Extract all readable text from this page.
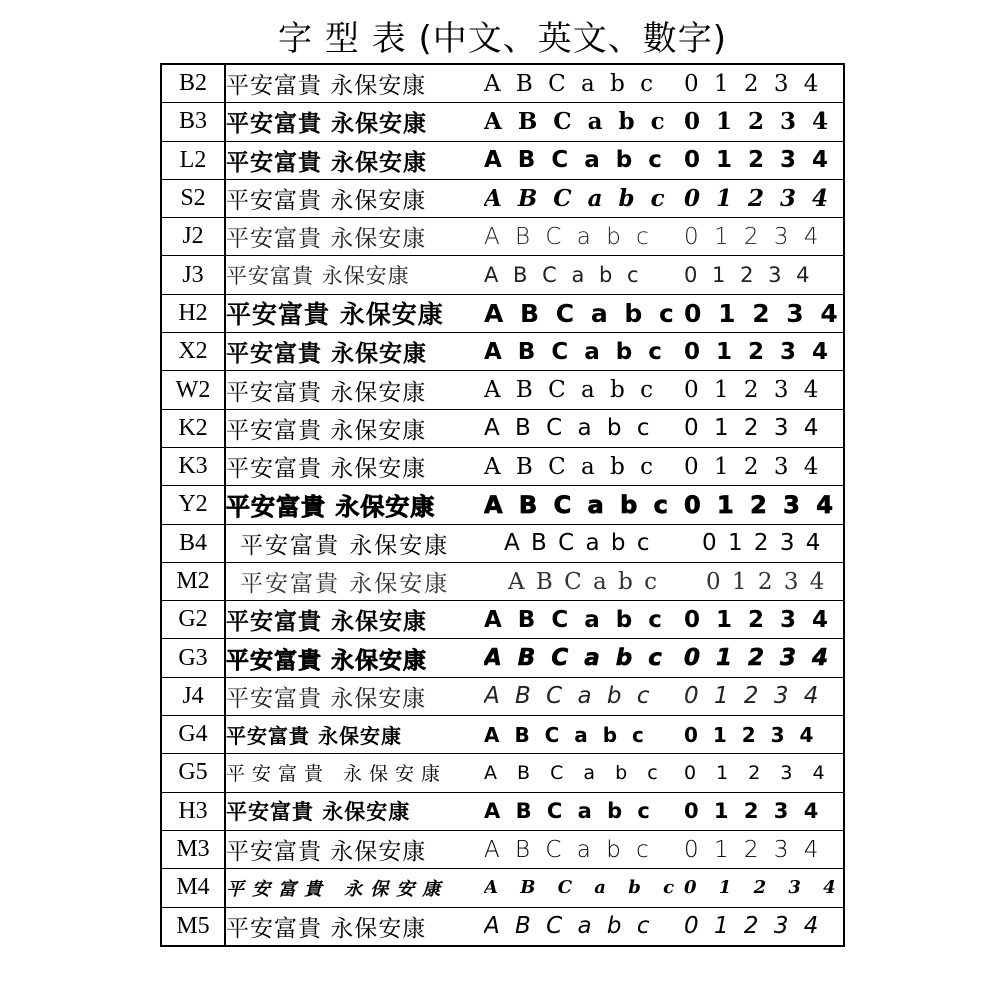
字 型 表 (中文、英文、數字)
B2	平安富貴 永保安康	A B C a b c	0 1 2 3 4
B3	平安富貴 永保安康	A B C a b c	0 1 2 3 4
L2	平安富貴 永保安康	A B C a b c	0 1 2 3 4
S2	平安富貴 永保安康	A B C a b c	0 1 2 3 4
J2	平安富貴 永保安康	A B C a b c	0 1 2 3 4
J3	平安富貴 永保安康	A B C a b c	0 1 2 3 4
H2	平安富貴 永保安康	A B C a b c	0 1 2 3 4
X2	平安富貴 永保安康	A B C a b c	0 1 2 3 4
W2	平安富貴 永保安康	A B C a b c	0 1 2 3 4
K2	平安富貴 永保安康	A B C a b c	0 1 2 3 4
K3	平安富貴 永保安康	A B C a b c	0 1 2 3 4
Y2	平安富貴 永保安康	A B C a b c	0 1 2 3 4
B4	平安富貴 永保安康	A B C a b c	0 1 2 3 4
M2	平安富貴 永保安康	A B C a b c	0 1 2 3 4
G2	平安富貴 永保安康	A B C a b c	0 1 2 3 4
G3	平安富貴 永保安康	A B C a b c	0 1 2 3 4
J4	平安富貴 永保安康	A B C a b c	0 1 2 3 4
G4	平安富貴 永保安康	A B C a b c	0 1 2 3 4
G5	平安富貴 永保安康	A B C a b c	0 1 2 3 4
H3	平安富貴 永保安康	A B C a b c	0 1 2 3 4
M3	平安富貴 永保安康	A B C a b c	0 1 2 3 4
M4	平安富貴 永保安康	A B C a b c	0 1 2 3 4
M5	平安富貴 永保安康	A B C a b c	0 1 2 3 4
